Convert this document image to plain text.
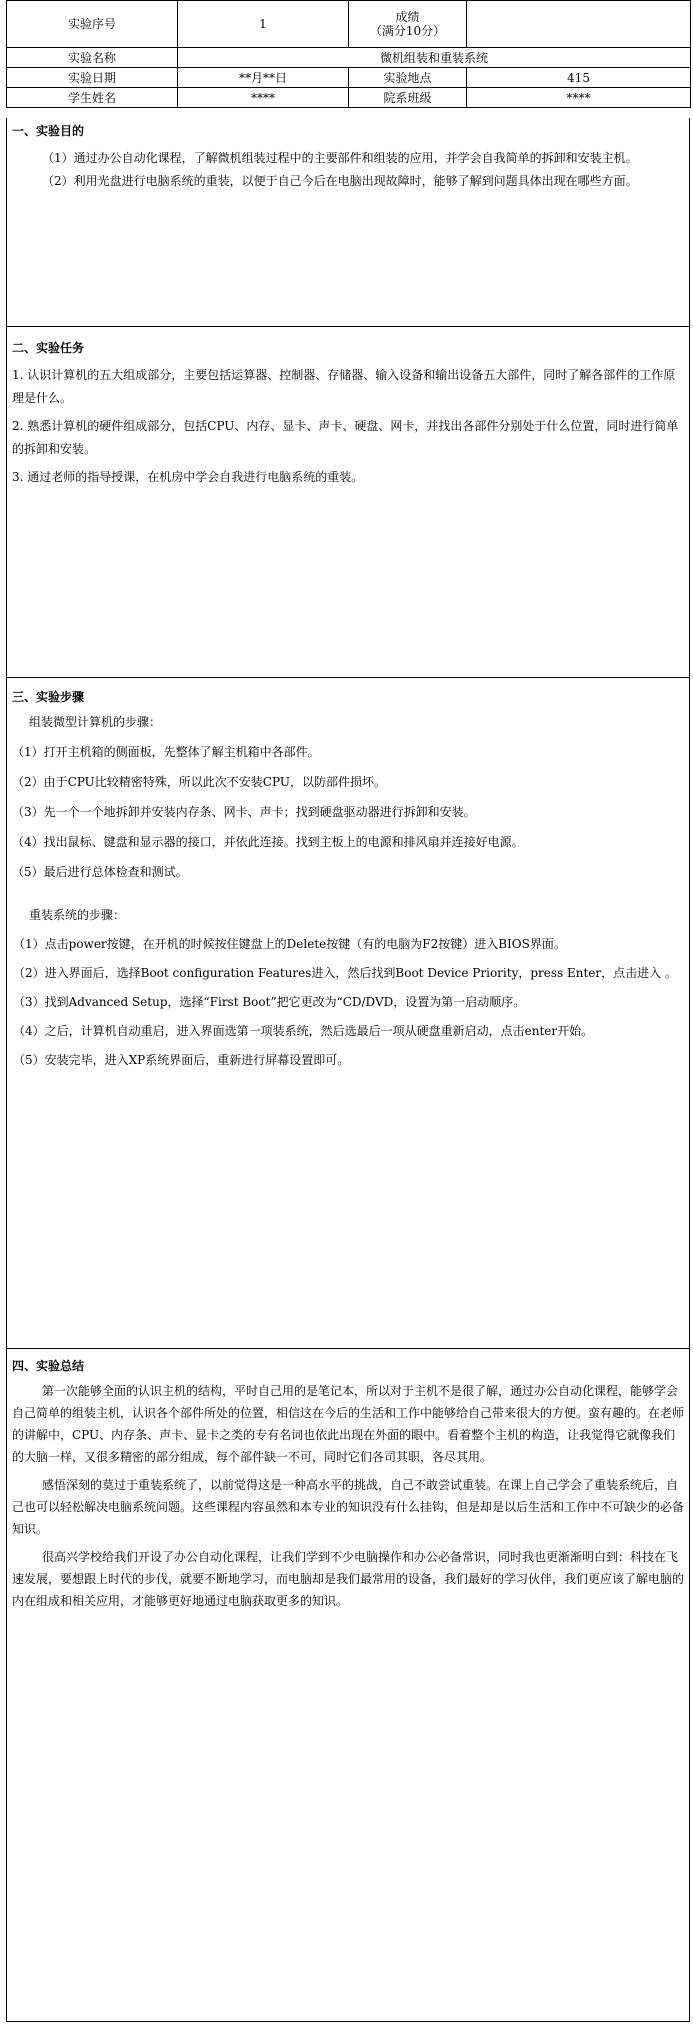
实验序号	1	成绩
（满分10分）	

实验名称	微机组装和重装系统		
实验日期	**月**日	实验地点	415
学生姓名	****	院系班级	****
一、实验目的

（1）通过办公自动化课程，了解微机组装过程中的主要部件和组装的应用，并学会自我简单的拆卸和安装主机。

（2）利用光盘进行电脑系统的重装，以便于自己今后在电脑出现故障时，能够了解到问题具体出现在哪些方面。

二、实验任务

1. 认识计算机的五大组成部分，主要包括运算器、控制器、存储器、输入设备和输出设备五大部件，同时了解各部件的工作原理是什么。

2. 熟悉计算机的硬件组成部分，包括CPU、内存、显卡、声卡、硬盘、网卡，并找出各部件分别处于什么位置，同时进行简单的拆卸和安装。

3. 通过老师的指导授课，在机房中学会自我进行电脑系统的重装。

三、实验步骤

组装微型计算机的步骤：

（1）打开主机箱的侧面板，先整体了解主机箱中各部件。

（2）由于CPU比较精密特殊，所以此次不安装CPU，以防部件损坏。

（3）先一个一个地拆卸并安装内存条、网卡、声卡；找到硬盘驱动器进行拆卸和安装。

（4）找出鼠标、键盘和显示器的接口，并依此连接。找到主板上的电源和排风扇并连接好电源。

（5）最后进行总体检查和测试。

重装系统的步骤：

（1）点击power按键，在开机的时候按住键盘上的Delete按键（有的电脑为F2按键）进入BIOS界面。

（2）进入界面后，选择Boot configuration Features进入，然后找到Boot Device Priority，press Enter，点击进入 。

（3）找到Advanced Setup，选择“First Boot”把它更改为“CD/DVD，设置为第一启动顺序。

（4）之后，计算机自动重启，进入界面选第一项装系统，然后选最后一项从硬盘重新启动，点击enter开始。

（5）安装完毕，进入XP系统界面后，重新进行屏幕设置即可。

四、实验总结

第一次能够全面的认识主机的结构，平时自己用的是笔记本，所以对于主机不是很了解，通过办公自动化课程，能够学会自己简单的组装主机，认识各个部件所处的位置，相信这在今后的生活和工作中能够给自己带来很大的方便。蛮有趣的。在老师的讲解中，CPU、内存条、声卡、显卡之类的专有名词也依此出现在外面的眼中。看着整个主机的构造，让我觉得它就像我们的大脑一样，又很多精密的部分组成，每个部件缺一不可，同时它们各司其职，各尽其用。

感悟深刻的莫过于重装系统了，以前觉得这是一种高水平的挑战，自己不敢尝试重装。在课上自己学会了重装系统后，自己也可以轻松解决电脑系统问题。这些课程内容虽然和本专业的知识没有什么挂钩，但是却是以后生活和工作中不可缺少的必备知识。

很高兴学校给我们开设了办公自动化课程，让我们学到不少电脑操作和办公必备常识，同时我也更渐渐明白到：科技在飞速发展，要想跟上时代的步伐，就要不断地学习，而电脑却是我们最常用的设备，我们最好的学习伙伴，我们更应该了解电脑的内在组成和相关应用，才能够更好地通过电脑获取更多的知识。
